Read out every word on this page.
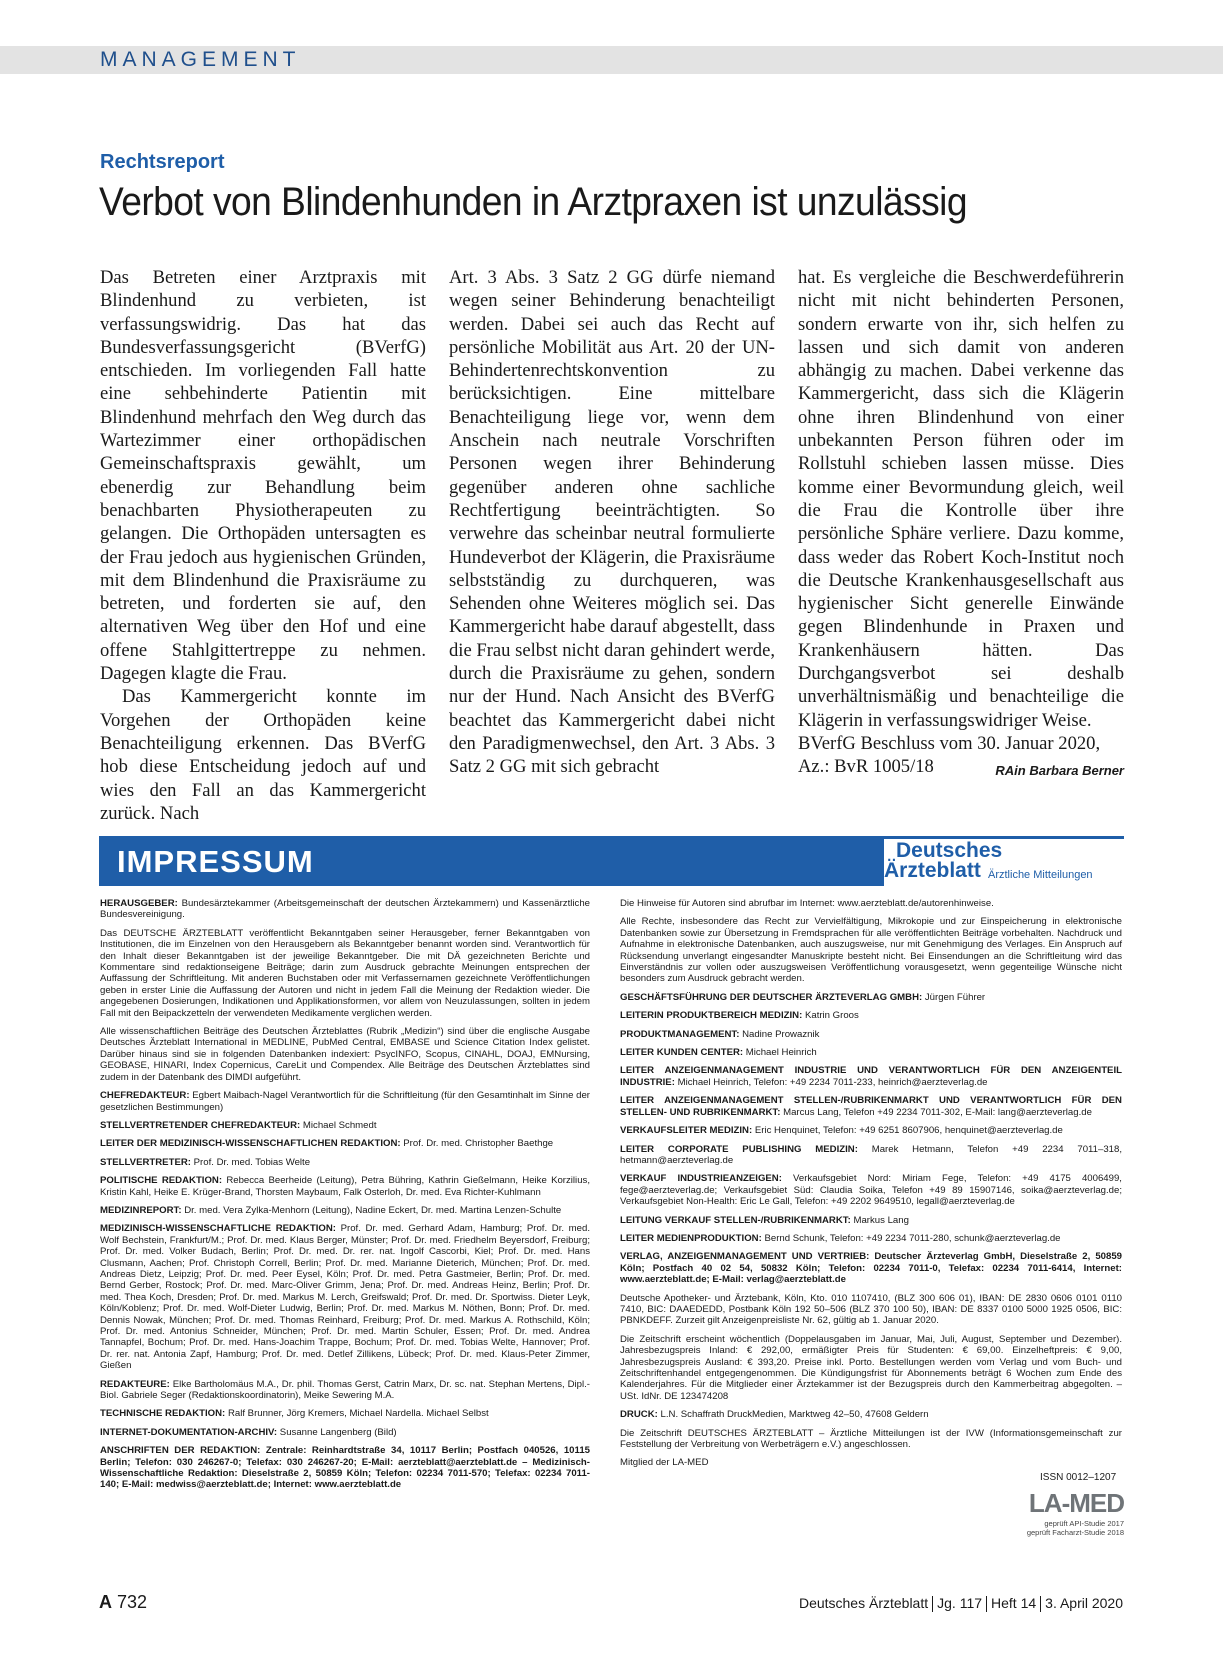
MANAGEMENT
Rechtsreport
Verbot von Blindenhunden in Arztpraxen ist unzulässig

Das Betreten einer Arztpraxis mit Blindenhund zu verbieten, ist verfassungswidrig. Das hat das Bundesverfassungsgericht (BVerfG) entschieden. Im vorliegenden Fall hatte eine sehbehinderte Patientin mit Blindenhund mehrfach den Weg durch das Wartezimmer einer orthopädischen Gemeinschaftspraxis gewählt, um ebenerdig zur Behandlung beim benachbarten Physiotherapeuten zu gelangen. Die Orthopäden untersagten es der Frau jedoch aus hygienischen Gründen, mit dem Blindenhund die Praxisräume zu betreten, und forderten sie auf, den alternativen Weg über den Hof und eine offene Stahlgittertreppe zu nehmen. Dagegen klagte die Frau.

Das Kammergericht konnte im Vorgehen der Orthopäden keine Benachteiligung erkennen. Das BVerfG hob diese Entscheidung jedoch auf und wies den Fall an das Kammergericht zurück. Nach

Art. 3 Abs. 3 Satz 2 GG dürfe niemand wegen seiner Behinderung benachteiligt werden. Dabei sei auch das Recht auf persönliche Mobilität aus Art. 20 der UN-Behindertenrechtskonvention zu berücksichtigen. Eine mittelbare Benachteiligung liege vor, wenn dem Anschein nach neutrale Vorschriften Personen wegen ihrer Behinderung gegenüber anderen ohne sachliche Rechtfertigung beeinträchtigten. So verwehre das scheinbar neutral formulierte Hundeverbot der Klägerin, die Praxisräume selbstständig zu durchqueren, was Sehenden ohne Weiteres möglich sei. Das Kammergericht habe darauf abgestellt, dass die Frau selbst nicht daran gehindert werde, durch die Praxisräume zu gehen, sondern nur der Hund. Nach Ansicht des BVerfG beachtet das Kammergericht dabei nicht den Paradigmenwechsel, den Art. 3 Abs. 3 Satz 2 GG mit sich gebracht

hat. Es vergleiche die Beschwerdeführerin nicht mit nicht behinderten Personen, sondern erwarte von ihr, sich helfen zu lassen und sich damit von anderen abhängig zu machen. Dabei verkenne das Kammergericht, dass sich die Klägerin ohne ihren Blindenhund von einer unbekannten Person führen oder im Rollstuhl schieben lassen müsse. Dies komme einer Bevormundung gleich, weil die Frau die Kontrolle über ihre persönliche Sphäre verliere. Dazu komme, dass weder das Robert Koch-Institut noch die Deutsche Krankenhausgesellschaft aus hygienischer Sicht generelle Einwände gegen Blindenhunde in Praxen und Krankenhäusern hätten. Das Durchgangsverbot sei deshalb unverhältnismäßig und benachteilige die Klägerin in verfassungswidriger Weise.

BVerfG Beschluss vom 30. Januar 2020,
Az.: BvR 1005/18	RAin Barbara Berner

IMPRESSUM	Deutsches
Ärzteblatt Ärztliche Mitteilungen

HERAUSGEBER: Bundesärztekammer (Arbeitsgemeinschaft der deutschen Ärztekammern) und Kassenärztliche Bundesvereinigung.

Das DEUTSCHE ÄRZTEBLATT veröffentlicht Bekanntgaben seiner Herausgeber, ferner Bekanntgaben von Institutionen, die im Einzelnen von den Herausgebern als Bekanntgeber benannt worden sind. Verantwortlich für den Inhalt dieser Bekanntgaben ist der jeweilige Bekanntgeber. Die mit DÄ gezeichneten Berichte und Kommentare sind redaktionseigene Beiträge; darin zum Ausdruck gebrachte Meinungen entsprechen der Auffassung der Schriftleitung. Mit anderen Buchstaben oder mit Verfassernamen gezeichnete Veröffentlichungen geben in erster Linie die Auffassung der Autoren und nicht in jedem Fall die Meinung der Redaktion wieder. Die angegebenen Dosierungen, Indikationen und Applikationsformen, vor allem von Neuzulassungen, sollten in jedem Fall mit den Beipackzetteln der verwendeten Medikamente verglichen werden.

Alle wissenschaftlichen Beiträge des Deutschen Ärzteblattes (Rubrik „Medizin“) sind über die englische Ausgabe Deutsches Ärzteblatt International in MEDLINE, PubMed Central, EMBASE und Science Citation Index gelistet. Darüber hinaus sind sie in folgenden Datenbanken indexiert: PsycINFO, Scopus, CINAHL, DOAJ, EMNursing, GEOBASE, HINARI, Index Copernicus, CareLit und Compendex. Alle Beiträge des Deutschen Ärzteblattes sind zudem in der Datenbank des DIMDI aufgeführt.

CHEFREDAKTEUR: Egbert Maibach-Nagel Verantwortlich für die Schriftleitung (für den Gesamtinhalt im Sinne der gesetzlichen Bestimmungen)

STELLVERTRETENDER CHEFREDAKTEUR: Michael Schmedt

LEITER DER MEDIZINISCH-WISSENSCHAFTLICHEN REDAKTION: Prof. Dr. med. Christopher Baethge

STELLVERTRETER: Prof. Dr. med. Tobias Welte

POLITISCHE REDAKTION: Rebecca Beerheide (Leitung), Petra Bühring, Kathrin Gießelmann, Heike Korzilius, Kristin Kahl, Heike E. Krüger-Brand, Thorsten Maybaum, Falk Osterloh, Dr. med. Eva Richter-Kuhlmann

MEDIZINREPORT: Dr. med. Vera Zylka-Menhorn (Leitung), Nadine Eckert, Dr. med. Martina Lenzen-Schulte

MEDIZINISCH-WISSENSCHAFTLICHE REDAKTION: Prof. Dr. med. Gerhard Adam, Hamburg; Prof. Dr. med. Wolf Bechstein, Frankfurt/M.; Prof. Dr. med. Klaus Berger, Münster; Prof. Dr. med. Friedhelm Beyersdorf, Freiburg; Prof. Dr. med. Volker Budach, Berlin; Prof. Dr. med. Dr. rer. nat. Ingolf Cascorbi, Kiel; Prof. Dr. med. Hans Clusmann, Aachen; Prof. Christoph Correll, Berlin; Prof. Dr. med. Marianne Dieterich, München; Prof. Dr. med. Andreas Dietz, Leipzig; Prof. Dr. med. Peer Eysel, Köln; Prof. Dr. med. Petra Gastmeier, Berlin; Prof. Dr. med. Bernd Gerber, Rostock; Prof. Dr. med. Marc-Oliver Grimm, Jena; Prof. Dr. med. Andreas Heinz, Berlin; Prof. Dr. med. Thea Koch, Dresden; Prof. Dr. med. Markus M. Lerch, Greifswald; Prof. Dr. med. Dr. Sportwiss. Dieter Leyk, Köln/Koblenz; Prof. Dr. med. Wolf-Dieter Ludwig, Berlin; Prof. Dr. med. Markus M. Nöthen, Bonn; Prof. Dr. med. Dennis Nowak, München; Prof. Dr. med. Thomas Reinhard, Freiburg; Prof. Dr. med. Markus A. Rothschild, Köln; Prof. Dr. med. Antonius Schneider, München; Prof. Dr. med. Martin Schuler, Essen; Prof. Dr. med. Andrea Tannapfel, Bochum; Prof. Dr. med. Hans-Joachim Trappe, Bochum; Prof. Dr. med. Tobias Welte, Hannover; Prof. Dr. rer. nat. Antonia Zapf, Hamburg; Prof. Dr. med. Detlef Zillikens, Lübeck; Prof. Dr. med. Klaus-Peter Zimmer, Gießen

REDAKTEURE: Elke Bartholomäus M.A., Dr. phil. Thomas Gerst, Catrin Marx, Dr. sc. nat. Stephan Mertens, Dipl.-Biol. Gabriele Seger (Redaktionskoordinatorin), Meike Sewering M.A.

TECHNISCHE REDAKTION: Ralf Brunner, Jörg Kremers, Michael Nardella. Michael Selbst

INTERNET-DOKUMENTATION-ARCHIV: Susanne Langenberg (Bild)

ANSCHRIFTEN DER REDAKTION: Zentrale: Reinhardtstraße 34, 10117 Berlin; Postfach 040526, 10115 Berlin; Telefon: 030 246267-0; Telefax: 030 246267-20; E-Mail: aerzteblatt@aerzteblatt.de – Medizinisch-Wissenschaftliche Redaktion: Dieselstraße 2, 50859 Köln; Telefon: 02234 7011-570; Telefax: 02234 7011-140; E-Mail: medwiss@aerzteblatt.de; Internet: www.aerzteblatt.de

Die Hinweise für Autoren sind abrufbar im Internet: www.aerzteblatt.de/autorenhinweise.

Alle Rechte, insbesondere das Recht zur Vervielfältigung, Mikrokopie und zur Einspeicherung in elektronische Datenbanken sowie zur Übersetzung in Fremdsprachen für alle veröffentlichten Beiträge vorbehalten. Nachdruck und Aufnahme in elektronische Datenbanken, auch auszugsweise, nur mit Genehmigung des Verlages. Ein Anspruch auf Rücksendung unverlangt eingesandter Manuskripte besteht nicht. Bei Einsendungen an die Schriftleitung wird das Einverständnis zur vollen oder auszugsweisen Veröffentlichung vorausgesetzt, wenn gegenteilige Wünsche nicht besonders zum Ausdruck gebracht werden.

GESCHÄFTSFÜHRUNG DER DEUTSCHER ÄRZTEVERLAG GMBH: Jürgen Führer

LEITERIN PRODUKTBEREICH MEDIZIN: Katrin Groos

PRODUKTMANAGEMENT: Nadine Prowaznik

LEITER KUNDEN CENTER: Michael Heinrich

LEITER ANZEIGENMANAGEMENT INDUSTRIE UND VERANTWORTLICH FÜR DEN ANZEIGENTEIL INDUSTRIE: Michael Heinrich, Telefon: +49 2234 7011-233, heinrich@aerzteverlag.de

LEITER ANZEIGENMANAGEMENT STELLEN-/RUBRIKENMARKT UND VERANTWORTLICH FÜR DEN STELLEN- UND RUBRIKENMARKT: Marcus Lang, Telefon +49 2234 7011-302, E-Mail: lang@aerzteverlag.de

VERKAUFSLEITER MEDIZIN: Eric Henquinet, Telefon: +49 6251 8607906, henquinet@aerzteverlag.de

LEITER CORPORATE PUBLISHING MEDIZIN: Marek Hetmann, Telefon +49 2234 7011–318, hetmann@aerzteverlag.de

VERKAUF INDUSTRIEANZEIGEN: Verkaufsgebiet Nord: Miriam Fege, Telefon: +49 4175 4006499, fege@aerzteverlag.de; Verkaufsgebiet Süd: Claudia Soika, Telefon +49 89 15907146, soika@aerzteverlag.de; Verkaufsgebiet Non-Health: Eric Le Gall, Telefon: +49 2202 9649510, legall@aerzteverlag.de

LEITUNG VERKAUF STELLEN-/RUBRIKENMARKT: Markus Lang

LEITER MEDIENPRODUKTION: Bernd Schunk, Telefon: +49 2234 7011-280, schunk@aerzteverlag.de

VERLAG, ANZEIGENMANAGEMENT UND VERTRIEB: Deutscher Ärzteverlag GmbH, Dieselstraße 2, 50859 Köln; Postfach 40 02 54, 50832 Köln; Telefon: 02234 7011-0, Telefax: 02234 7011-6414, Internet: www.aerzteblatt.de; E-Mail: verlag@aerzteblatt.de

Deutsche Apotheker- und Ärztebank, Köln, Kto. 010 1107410, (BLZ 300 606 01), IBAN: DE 2830 0606 0101 0110 7410, BIC: DAAEDEDD, Postbank Köln 192 50–506 (BLZ 370 100 50), IBAN: DE 8337 0100 5000 1925 0506, BIC: PBNKDEFF. Zurzeit gilt Anzeigenpreisliste Nr. 62, gültig ab 1. Januar 2020.

Die Zeitschrift erscheint wöchentlich (Doppelausgaben im Januar, Mai, Juli, August, September und Dezember). Jahresbezugspreis Inland: € 292,00, ermäßigter Preis für Studenten: € 69,00. Einzelheftpreis: € 9,00, Jahresbezugspreis Ausland: € 393,20. Preise inkl. Porto. Bestellungen werden vom Verlag und vom Buch- und Zeitschriftenhandel entgegengenommen. Die Kündigungsfrist für Abonnements beträgt 6 Wochen zum Ende des Kalenderjahres. Für die Mitglieder einer Ärztekammer ist der Bezugspreis durch den Kammerbeitrag abgegolten. – USt. IdNr. DE 123474208

DRUCK: L.N. Schaffrath DruckMedien, Marktweg 42–50, 47608 Geldern

Die Zeitschrift DEUTSCHES ÄRZTEBLATT – Ärztliche Mitteilungen ist der IVW (Informationsgemeinschaft zur Feststellung der Verbreitung von Werbeträgern e.V.) angeschlossen.

Mitglied der LA-MED

ISSN 0012–1207
LA-MED
geprüft API-Studie 2017
geprüft Facharzt-Studie 2018
A 732	Deutsches Ärzteblatt Jg. 117 Heft 14 3. April 2020
